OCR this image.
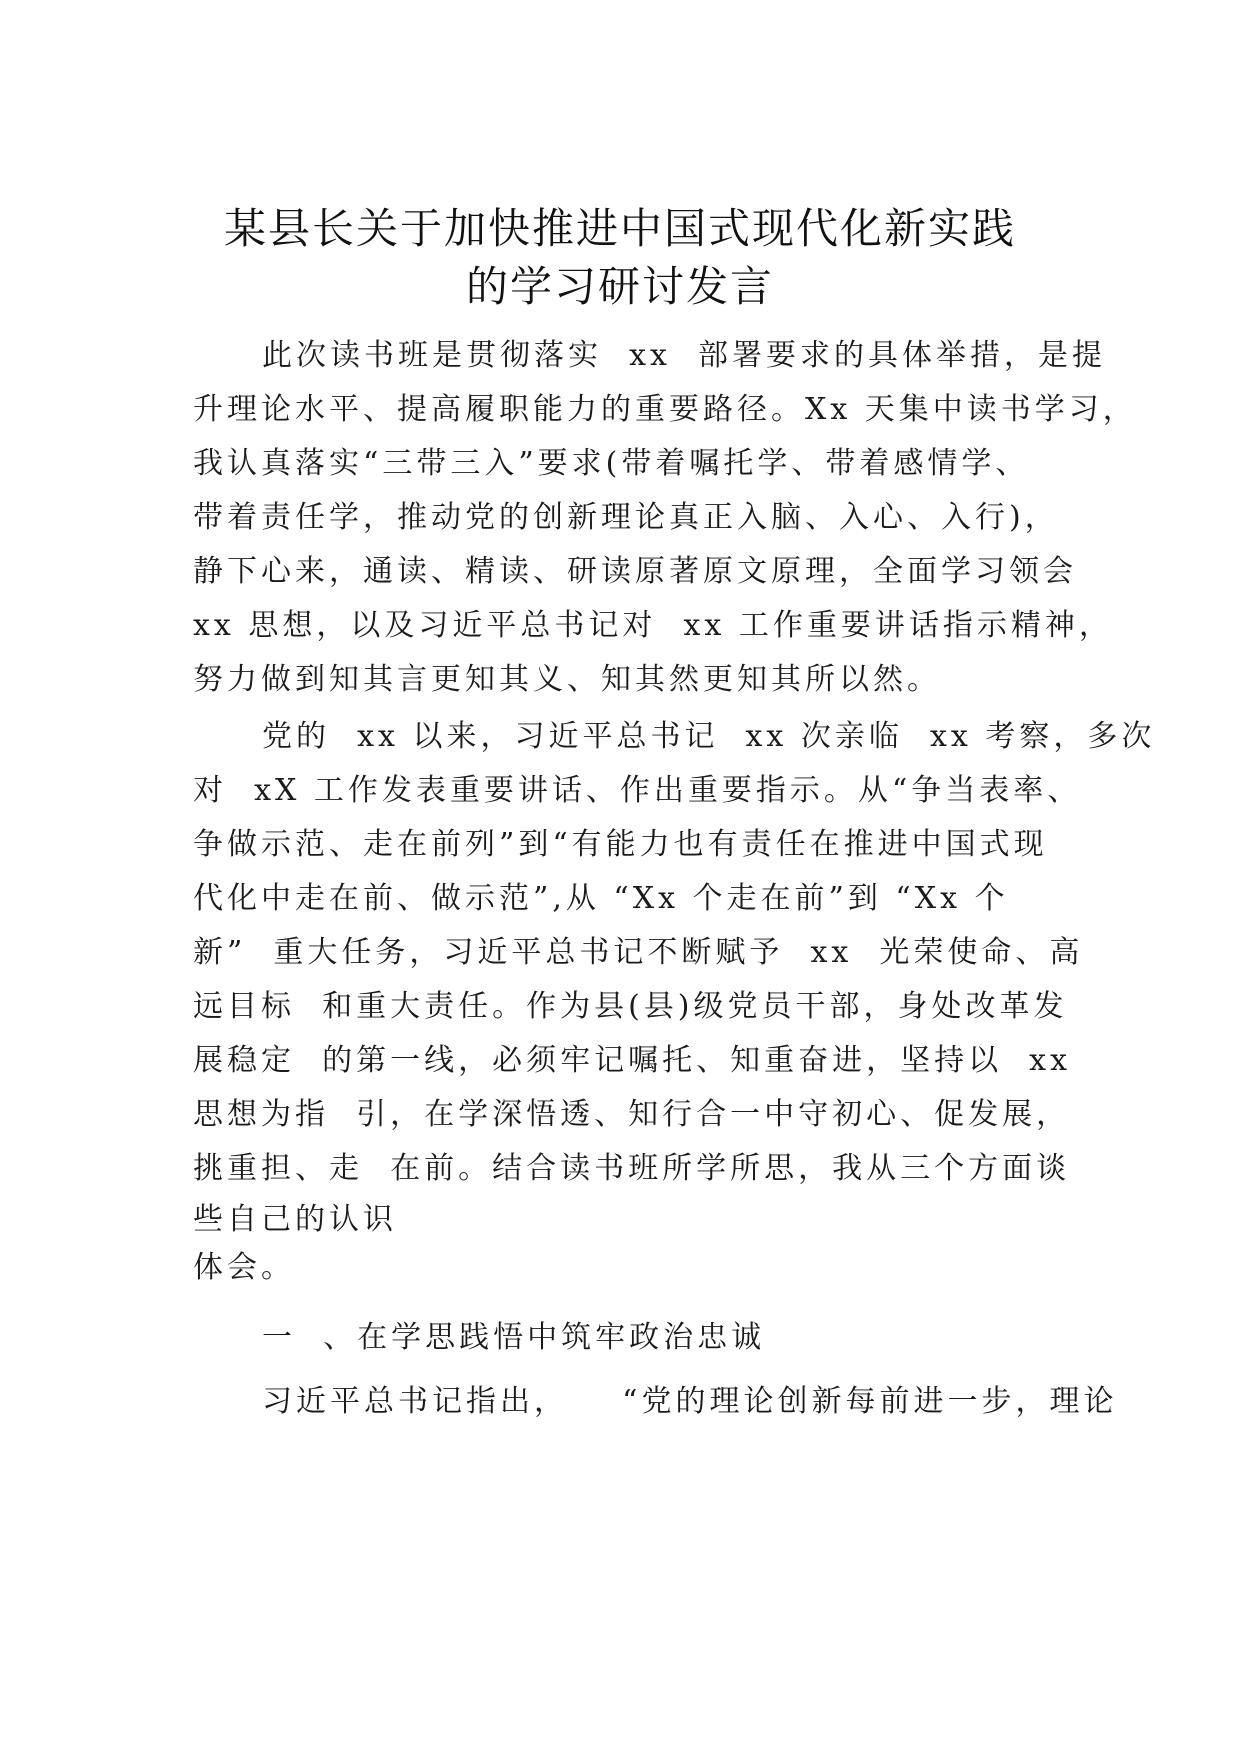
某县长关于加快推进中国式现代化新实践
的学习研讨发言
此次读书班是贯彻落实  xx  部署要求的具体举措，是提
升理论水平、提高履职能力的重要路径。Xx 天集中读书学习，
我认真落实“三带三入”要求(带着嘱托学、带着感情学、
带着责任学，推动党的创新理论真正入脑、入心、入行)，
静下心来，通读、精读、研读原著原文原理，全面学习领会
xx 思想，以及习近平总书记对  xx 工作重要讲话指示精神，
努力做到知其言更知其义、知其然更知其所以然。
党的  xx 以来，习近平总书记  xx 次亲临  xx 考察，多次
对  xX 工作发表重要讲话、作出重要指示。从“争当表率、
争做示范、走在前列”到“有能力也有责任在推进中国式现
代化中走在前、做示范”,从 “Xx 个走在前”到 “Xx 个
新”  重大任务，习近平总书记不断赋予  xx  光荣使命、高
远目标  和重大责任。作为县(县)级党员干部，身处改革发
展稳定  的第一线，必须牢记嘱托、知重奋进，坚持以  xx
思想为指  引，在学深悟透、知行合一中守初心、促发展，
挑重担、走  在前。结合读书班所学所思，我从三个方面谈
些自己的认识
体会。
一  、在学思践悟中筑牢政治忠诚
习近平总书记指出，    “党的理论创新每前进一步，理论
